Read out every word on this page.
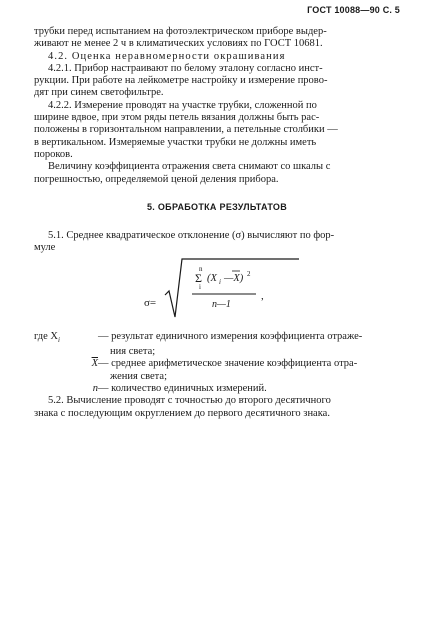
ГОСТ 10088—90 С. 5

трубки перед испытанием на фотоэлектрическом приборе выдер-

живают не менее 2 ч в климатических условиях по ГОСТ 10681.

4.2. Оценка неравномерности окрашивания

4.2.1. Прибор настраивают по белому эталону согласно инст-

рукции. При работе на лейкометре настройку и измерение прово-

дят при синем светофильтре.

4.2.2. Измерение проводят на участке трубки, сложенной по

ширине вдвое, при этом ряды петель вязания должны быть рас-

положены в горизонтальном направлении, а петельные столбики —

в вертикальном. Измеряемые участки трубки не должны иметь

пороков.

Величину коэффициента отражения света снимают со шкалы с

погрешностью, определяемой ценой деления прибора.

5. ОБРАБОТКА РЕЗУЛЬТАТОВ

5.1. Среднее квадратическое отклонение (σ) вычисляют по фор-

муле

σ=
n
Σ
i
(X i —X) 2
n—1
,
где $X_i$	— результат единичного измерения коэффициента отраже-

ния света;
$\overline{X}$ — среднее арифметическое значение коэффициента отра-

жения света;
n — количество единичных измерений.

5.2. Вычисление проводят с точностью до второго десятичного

знака с последующим округлением до первого десятичного знака.
